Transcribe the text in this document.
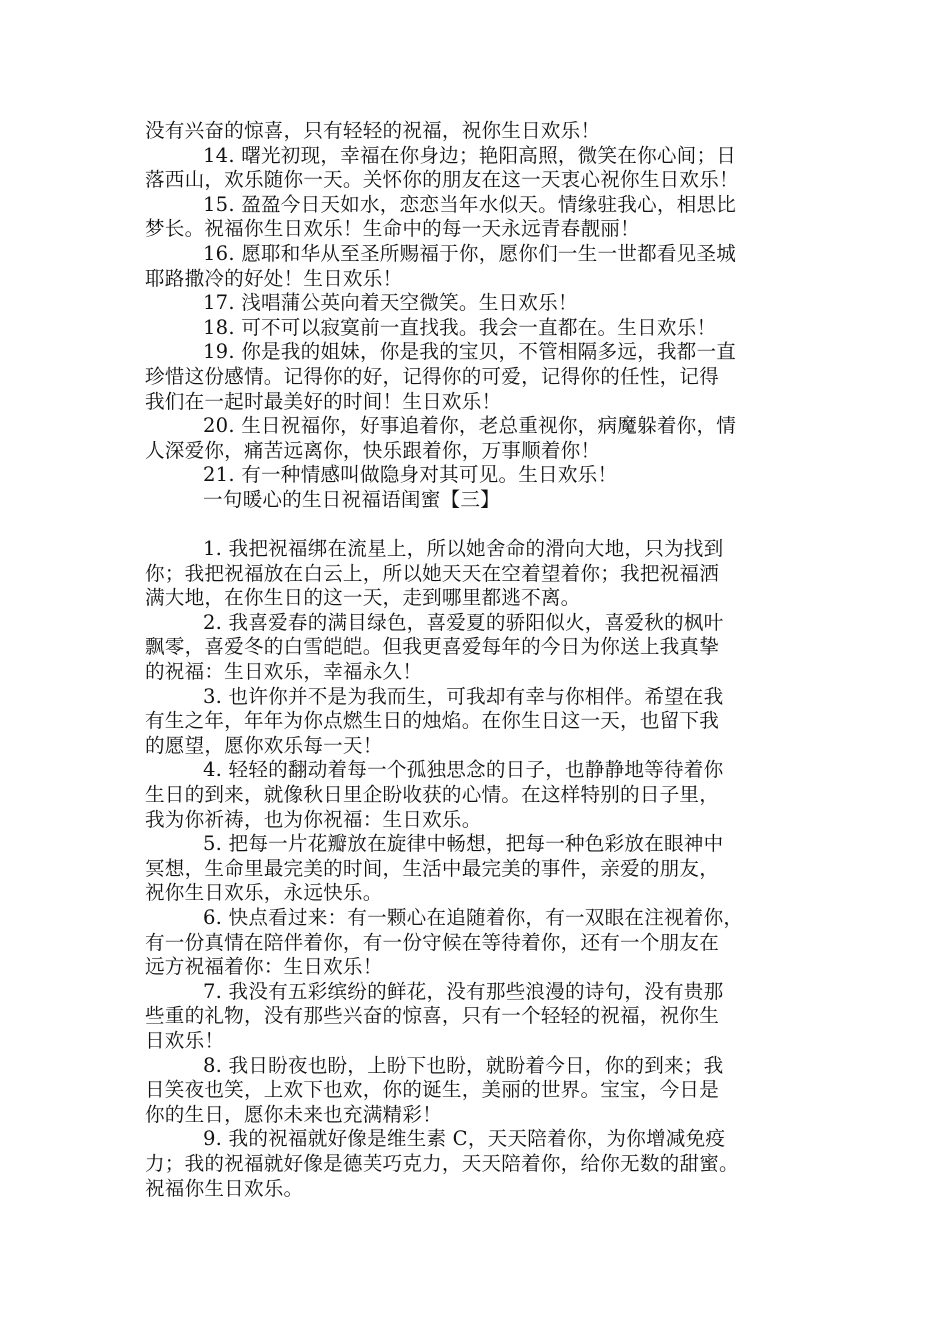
没有兴奋的惊喜，只有轻轻的祝福，祝你生日欢乐！
14. 曙光初现，幸福在你身边；艳阳高照，微笑在你心间；日
落西山，欢乐随你一天。关怀你的朋友在这一天衷心祝你生日欢乐！
15. 盈盈今日天如水，恋恋当年水似天。情缘驻我心，相思比
梦长。祝福你生日欢乐！生命中的每一天永远青春靓丽！
16. 愿耶和华从至圣所赐福于你，愿你们一生一世都看见圣城
耶路撒冷的好处！生日欢乐！
17. 浅唱蒲公英向着天空微笑。生日欢乐！
18. 可不可以寂寞前一直找我。我会一直都在。生日欢乐！
19. 你是我的姐妹，你是我的宝贝，不管相隔多远，我都一直
珍惜这份感情。记得你的好，记得你的可爱，记得你的任性，记得
我们在一起时最美好的时间！生日欢乐！
20. 生日祝福你，好事追着你，老总重视你，病魔躲着你，情
人深爱你，痛苦远离你，快乐跟着你，万事顺着你！
21. 有一种情感叫做隐身对其可见。生日欢乐！
一句暖心的生日祝福语闺蜜【三】
1. 我把祝福绑在流星上，所以她舍命的滑向大地，只为找到
你；我把祝福放在白云上，所以她天天在空着望着你；我把祝福洒
满大地，在你生日的这一天，走到哪里都逃不离。
2. 我喜爱春的满目绿色，喜爱夏的骄阳似火，喜爱秋的枫叶
飘零，喜爱冬的白雪皑皑。但我更喜爱每年的今日为你送上我真挚
的祝福：生日欢乐，幸福永久！
3. 也许你并不是为我而生，可我却有幸与你相伴。希望在我
有生之年，年年为你点燃生日的烛焰。在你生日这一天，也留下我
的愿望，愿你欢乐每一天！
4. 轻轻的翻动着每一个孤独思念的日子，也静静地等待着你
生日的到来，就像秋日里企盼收获的心情。在这样特别的日子里，
我为你祈祷，也为你祝福：生日欢乐。
5. 把每一片花瓣放在旋律中畅想，把每一种色彩放在眼神中
冥想，生命里最完美的时间，生活中最完美的事件，亲爱的朋友，
祝你生日欢乐，永远快乐。
6. 快点看过来：有一颗心在追随着你，有一双眼在注视着你，
有一份真情在陪伴着你，有一份守候在等待着你，还有一个朋友在
远方祝福着你：生日欢乐！
7. 我没有五彩缤纷的鲜花，没有那些浪漫的诗句，没有贵那
些重的礼物，没有那些兴奋的惊喜，只有一个轻轻的祝福，祝你生
日欢乐！
8. 我日盼夜也盼，上盼下也盼，就盼着今日，你的到来；我
日笑夜也笑，上欢下也欢，你的诞生，美丽的世界。宝宝，今日是
你的生日，愿你未来也充满精彩！
9. 我的祝福就好像是维生素 C，天天陪着你，为你增减免疫
力；我的祝福就好像是德芙巧克力，天天陪着你，给你无数的甜蜜。
祝福你生日欢乐。
